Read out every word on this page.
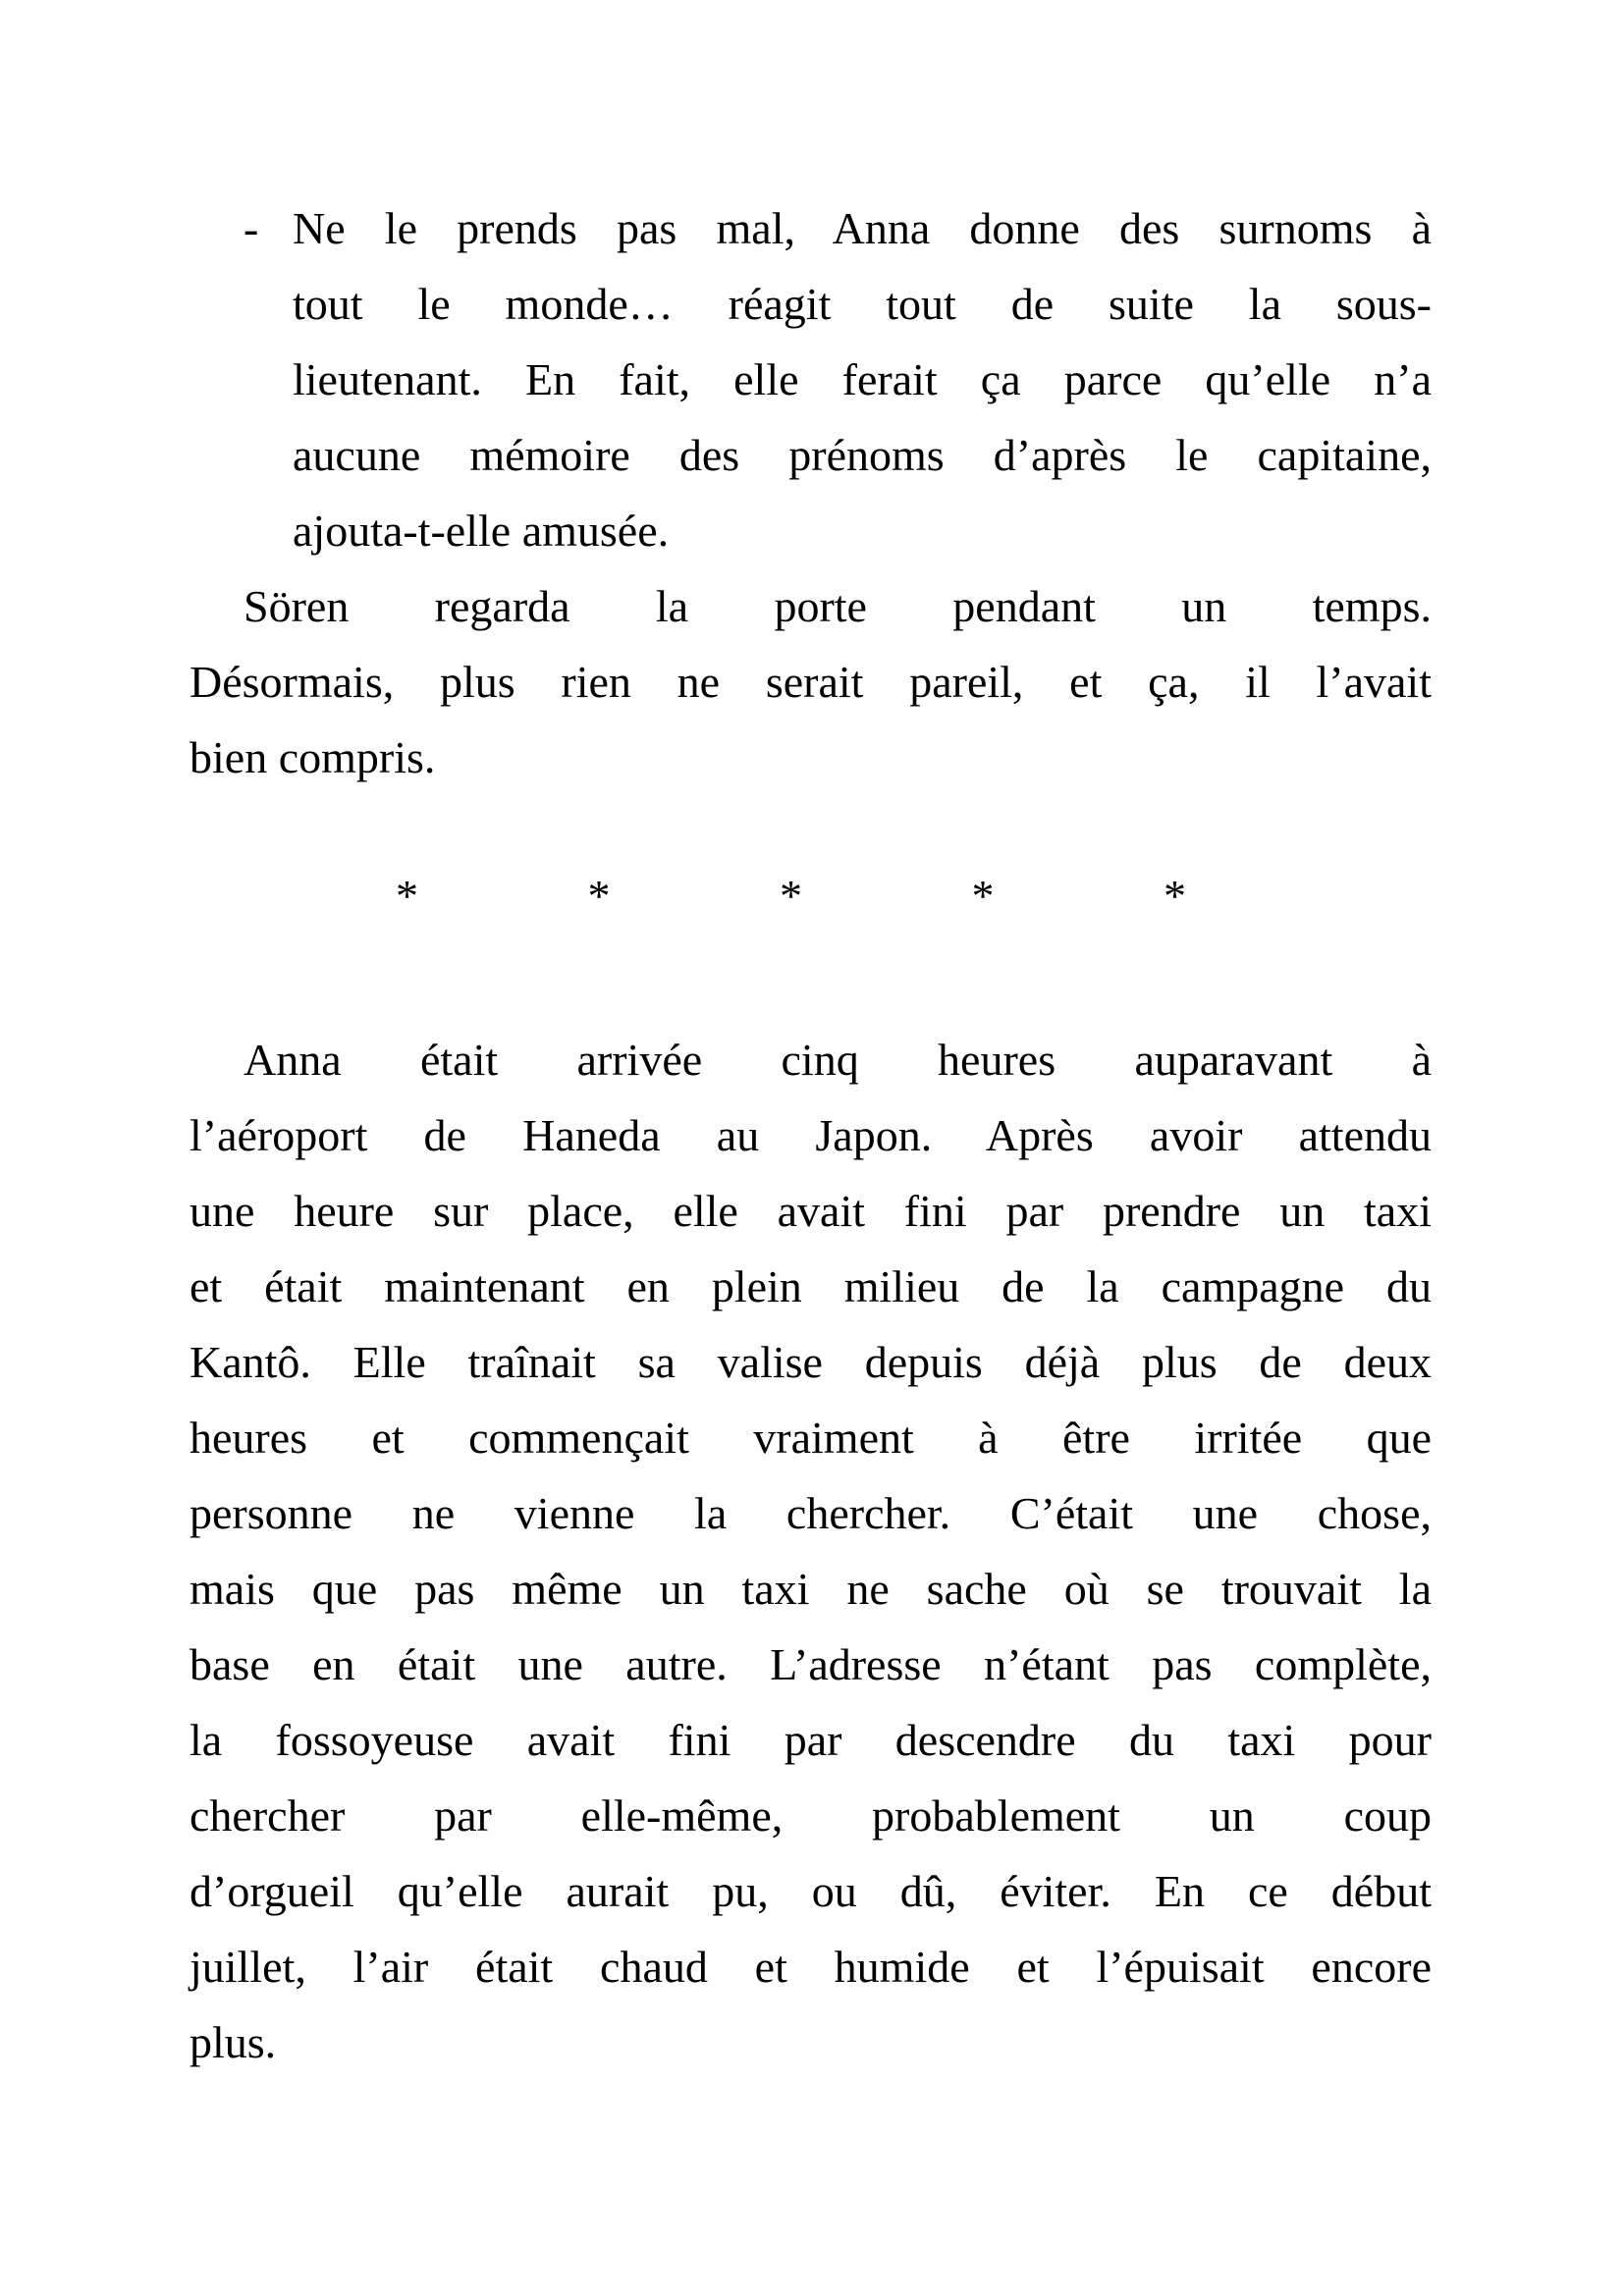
- Ne le prends pas mal, Anna donne des surnoms à
tout le monde… réagit tout de suite la sous-
lieutenant. En fait, elle ferait ça parce qu’elle n’a
aucune mémoire des prénoms d’après le capitaine,
ajouta-t-elle amusée.
Sören regarda la porte pendant un temps.
Désormais, plus rien ne serait pareil, et ça, il l’avait
bien compris.
*	*	*	*	*
Anna était arrivée cinq heures auparavant à
l’aéroport de Haneda au Japon. Après avoir attendu
une heure sur place, elle avait fini par prendre un taxi
et était maintenant en plein milieu de la campagne du
Kantô. Elle traînait sa valise depuis déjà plus de deux
heures et commençait vraiment à être irritée que
personne ne vienne la chercher. C’était une chose,
mais que pas même un taxi ne sache où se trouvait la
base en était une autre. L’adresse n’étant pas complète,
la fossoyeuse avait fini par descendre du taxi pour
chercher par elle-même, probablement un coup
d’orgueil qu’elle aurait pu, ou dû, éviter. En ce début
juillet, l’air était chaud et humide et l’épuisait encore
plus.
